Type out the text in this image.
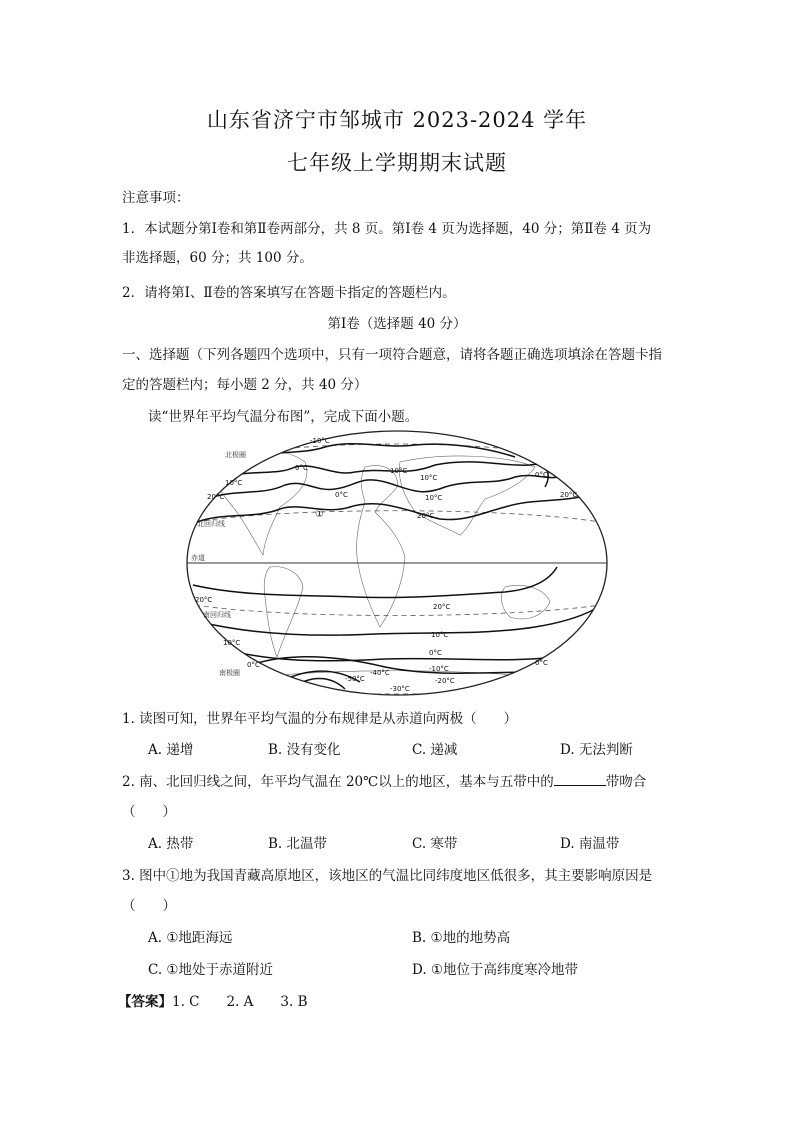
山东省济宁市邹城市 2023-2024 学年
七年级上学期期末试题
注意事项：
1．本试题分第Ⅰ卷和第Ⅱ卷两部分，共 8 页。第Ⅰ卷 4 页为选择题，40 分；第Ⅱ卷 4 页为
非选择题，60 分；共 100 分。
2．请将第Ⅰ、Ⅱ卷的答案填写在答题卡指定的答题栏内。
第Ⅰ卷（选择题 40 分）
一、选择题（下列各题四个选项中，只有一项符合题意，请将各题正确选项填涂在答题卡指
定的答题栏内；每小题 2 分，共 40 分）
读“世界年平均气温分布图”，完成下面小题。
北极圈
北回归线
赤道
南回归线
南极圈
①
-10°C
0°C
0°C
10°C
10°C
10°C
10°C
20°C
20°C
20°C
0°C
20°C
20°C
10°C
10°C
0°C
0°C	0°C
-10°C
-20°C
-30°C
-40°C
-50°C
1. 读图可知，世界年平均气温的分布规律是从赤道向两极（　　）
A. 递增	B. 没有变化	C. 递减	D. 无法判断
2. 南、北回归线之间，年平均气温在 20℃以上的地区，基本与五带中的	带吻合
（　　）
A. 热带	B. 北温带	C. 寒带	D. 南温带
3. 图中①地为我国青藏高原地区，该地区的气温比同纬度地区低很多，其主要影响原因是
（　　）
A. ①地距海远	B. ①地的地势高
C. ①地处于赤道附近	D. ①地位于高纬度寒冷地带
【答案】1. C　　2. A　　3. B
